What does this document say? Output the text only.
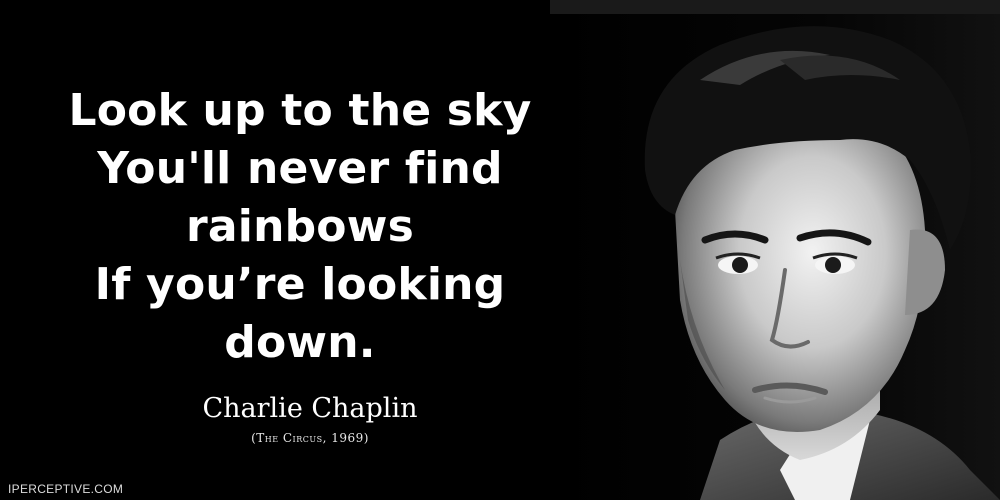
Look up to the sky
You'll never find
rainbows
If you’re looking
down.
Charlie Chaplin
(The Circus, 1969)
IPERCEPTIVE.COM
